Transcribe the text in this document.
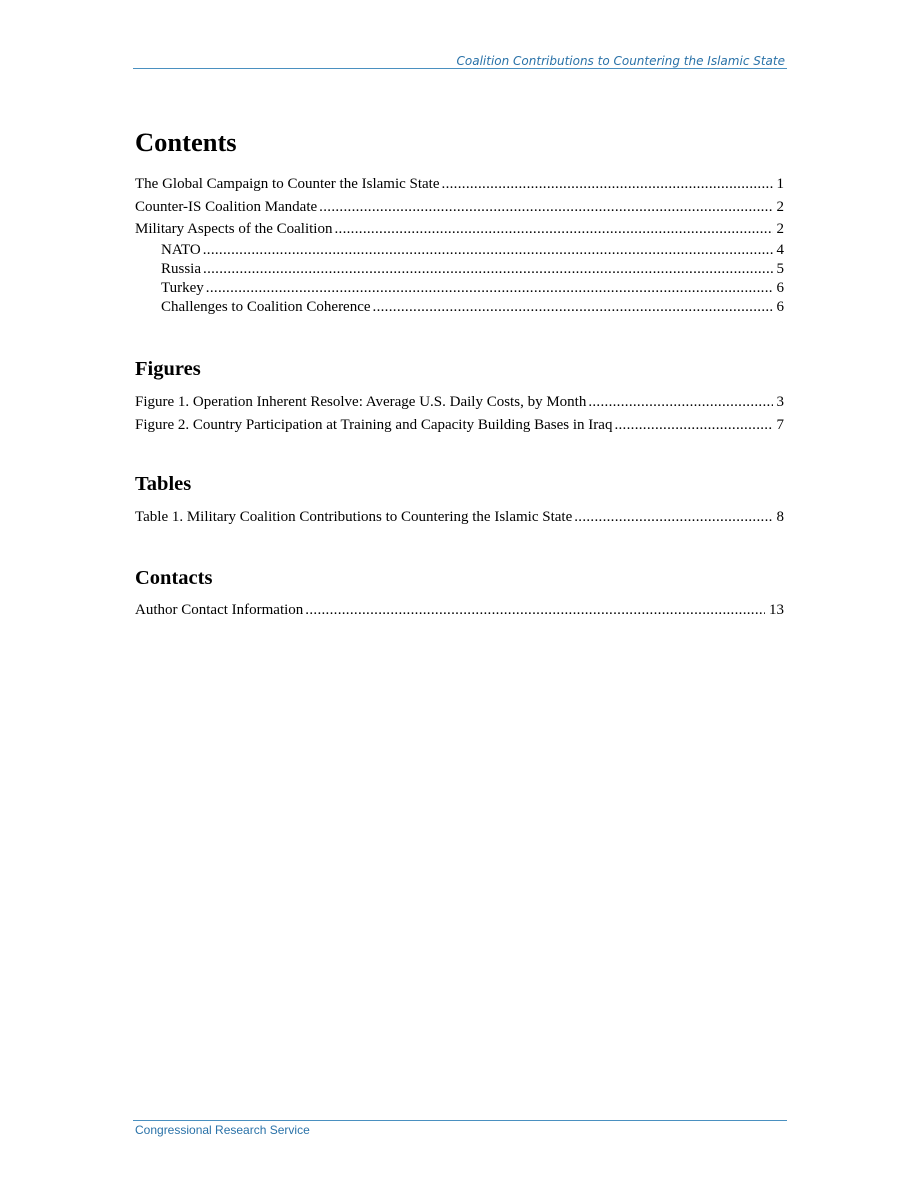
Coalition Contributions to Countering the Islamic State
Contents
The Global Campaign to Counter the Islamic State .....	1
Counter-IS Coalition Mandate .....	2
Military Aspects of the Coalition .....	2
NATO .....	4
Russia .....	5
Turkey .....	6
Challenges to Coalition Coherence .....	6
Figures
Figure 1. Operation Inherent Resolve: Average U.S. Daily Costs, by Month .....	3
Figure 2. Country Participation at Training and Capacity Building Bases in Iraq .....	7
Tables
Table 1. Military Coalition Contributions to Countering the Islamic State .....	8
Contacts
Author Contact Information .....	13
Congressional Research Service
